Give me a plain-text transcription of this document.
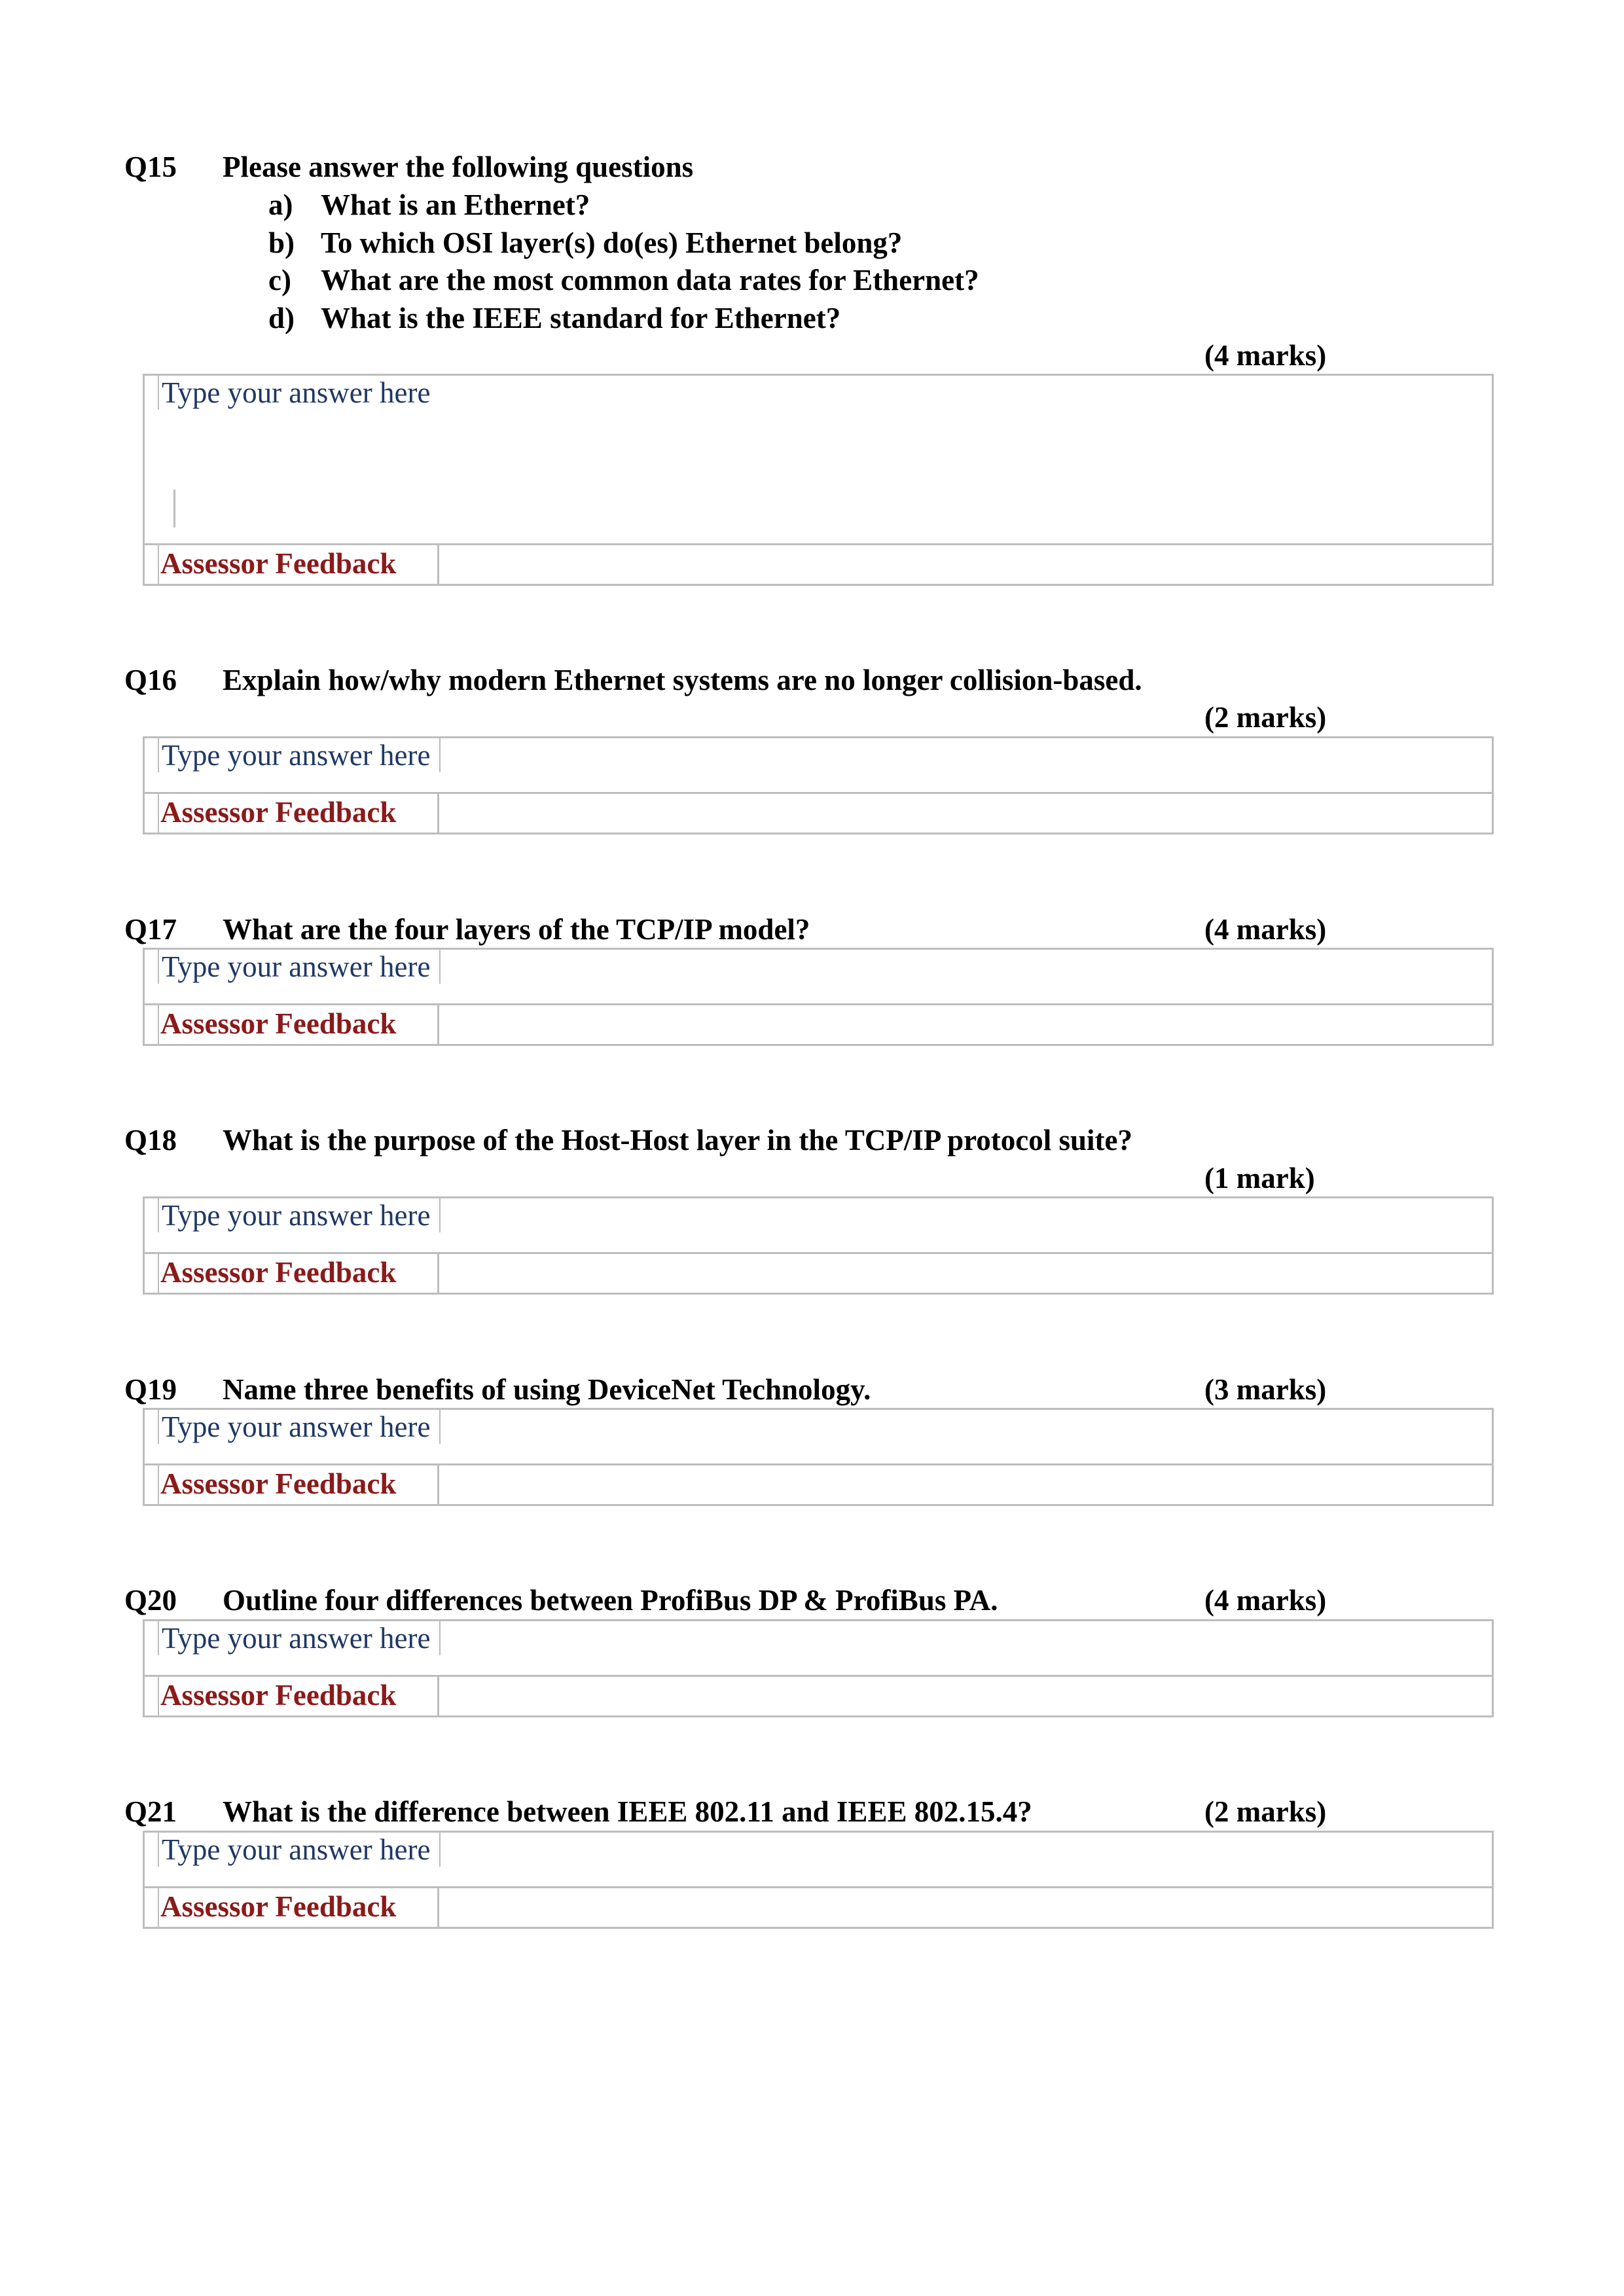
Q15 Please answer the following questions
a) What is an Ethernet?
b) To which OSI layer(s) do(es) Ethernet belong?
c) What are the most common data rates for Ethernet?
d) What is the IEEE standard for Ethernet?
(4 marks)
Type your answer here
Assessor Feedback
Q16 Explain how/why modern Ethernet systems are no longer collision-based.
(2 marks)
Type your answer here
Assessor Feedback
Q17 What are the four layers of the TCP/IP model?	(4 marks)
Type your answer here
Assessor Feedback
Q18 What is the purpose of the Host-Host layer in the TCP/IP protocol suite?
(1 mark)
Type your answer here
Assessor Feedback
Q19 Name three benefits of using DeviceNet Technology.	(3 marks)
Type your answer here
Assessor Feedback
Q20 Outline four differences between ProfiBus DP & ProfiBus PA.	(4 marks)
Type your answer here
Assessor Feedback
Q21 What is the difference between IEEE 802.11 and IEEE 802.15.4?	(2 marks)
Type your answer here
Assessor Feedback
